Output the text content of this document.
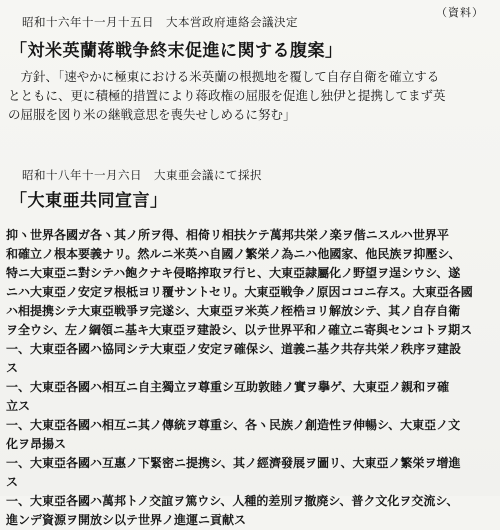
（資料）
昭和十六年十一月十五日 大本営政府連絡会議決定
「対米英蘭蒋戦争終末促進に関する腹案」
　方針、「速やかに極東における米英蘭の根拠地を覆して自存自衛を確立する
とともに、更に積極的措置により蒋政権の屈服を促進し独伊と提携してまず英
の屈服を図り米の継戦意思を喪失せしめるに努む」
昭和十八年十一月六日 大東亜会議にて採択
「大東亜共同宣言」
抑ヽ世界各國ガ各ヽ其ノ所ヲ得、相倚リ相扶ケテ萬邦共栄ノ楽ヲ偕ニスルハ世界平
和確立ノ根本要義ナリ。然ルニ米英ハ自國ノ繁栄ノ為ニハ他國家、他民族ヲ抑壓シ、
特ニ大東亞ニ對シテハ飽クナキ侵略搾取ヲ行ヒ、大東亞隷屬化ノ野望ヲ逞シウシ、遂
ニハ大東亞ノ安定ヲ根柢ヨリ覆サントセリ。大東亞戦争ノ原因ココニ存ス。大東亞各國
ハ相提携シテ大東亞戦爭ヲ完遂シ、大東亞ヲ米英ノ桎梏ヨリ解放シテ、其ノ自存自衛
ヲ全ウシ、左ノ綱領ニ基キ大東亞ヲ建設シ、以テ世界平和ノ確立ニ寄與センコトヲ期ス
一、大東亞各國ハ協同シテ大東亞ノ安定ヲ確保シ、道義ニ基ク共存共栄ノ秩序ヲ建設
ス
一、大東亞各國ハ相互ニ自主獨立ヲ尊重シ互助敦睦ノ實ヲ擧ゲ、大東亞ノ親和ヲ確
立ス
一、大東亞各國ハ相互ニ其ノ傳統ヲ尊重シ、各ヽ民族ノ創造性ヲ伸暢シ、大東亞ノ文
化ヲ昂揚ス
一、大東亞各國ハ互惠ノ下緊密ニ提携シ、其ノ經濟發展ヲ圖リ、大東亞ノ繁栄ヲ增進
ス
一、大東亞各國ハ萬邦トノ交誼ヲ篤ウシ、人種的差別ヲ撤廃シ、普ク文化ヲ交流シ、
進ンデ資源ヲ開放シ以テ世界ノ進運ニ貢献ス
